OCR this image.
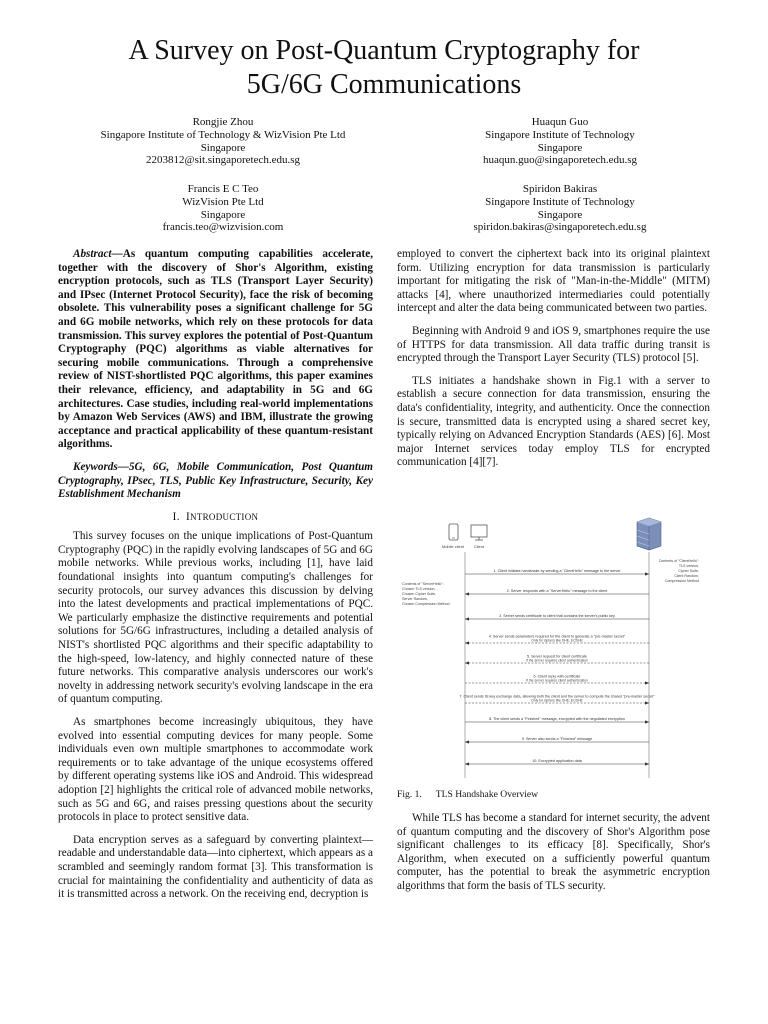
A Survey on Post-Quantum Cryptography for
5G/6G Communications
Rongjie Zhou
Singapore Institute of Technology & WizVision Pte Ltd
Singapore
2203812@sit.singaporetech.edu.sg
Huaqun Guo
Singapore Institute of Technology
Singapore
huaqun.guo@singaporetech.edu.sg
Francis E C Teo
WizVision Pte Ltd
Singapore
francis.teo@wizvision.com
Spiridon Bakiras
Singapore Institute of Technology
Singapore
spiridon.bakiras@singaporetech.edu.sg

Abstract—As quantum computing capabilities accelerate, together with the discovery of Shor's Algorithm, existing encryption protocols, such as TLS (Transport Layer Security) and IPsec (Internet Protocol Security), face the risk of becoming obsolete. This vulnerability poses a significant challenge for 5G and 6G mobile networks, which rely on these protocols for data transmission. This survey explores the potential of Post-Quantum Cryptography (PQC) algorithms as viable alternatives for securing mobile communications. Through a comprehensive review of NIST-shortlisted PQC algorithms, this paper examines their relevance, efficiency, and adaptability in 5G and 6G architectures. Case studies, including real-world implementations by Amazon Web Services (AWS) and IBM, illustrate the growing acceptance and practical applicability of these quantum-resistant algorithms.

Keywords—5G, 6G, Mobile Communication, Post Quantum Cryptography, IPsec, TLS, Public Key Infrastructure, Security, Key Establishment Mechanism

I. INTRODUCTION

This survey focuses on the unique implications of Post-Quantum Cryptography (PQC) in the rapidly evolving landscapes of 5G and 6G mobile networks. While previous works, including [1], have laid foundational insights into quantum computing's challenges for security protocols, our survey advances this discussion by delving into the latest developments and practical implementations of PQC. We particularly emphasize the distinctive requirements and potential solutions for 5G/6G infrastructures, including a detailed analysis of NIST's shortlisted PQC algorithms and their specific adaptability to the high-speed, low-latency, and highly connected nature of these future networks. This comparative analysis underscores our work's novelty in addressing network security's evolving landscape in the era of quantum computing.

As smartphones become increasingly ubiquitous, they have evolved into essential computing devices for many people. Some individuals even own multiple smartphones to accommodate work requirements or to take advantage of the unique ecosystems offered by different operating systems like iOS and Android. This widespread adoption [2] highlights the critical role of advanced mobile networks, such as 5G and 6G, and raises pressing questions about the security protocols in place to protect sensitive data.

Data encryption serves as a safeguard by converting plaintext—readable and understandable data—into ciphertext, which appears as a scrambled and seemingly random format [3]. This transformation is crucial for maintaining the confidentiality and authenticity of data as it is transmitted across a network. On the receiving end, decryption is

employed to convert the ciphertext back into its original plaintext form. Utilizing encryption for data transmission is particularly important for mitigating the risk of "Man-in-the-Middle" (MITM) attacks [4], where unauthorized intermediaries could potentially intercept and alter the data being communicated between two parties.

Beginning with Android 9 and iOS 9, smartphones require the use of HTTPS for data transmission. All data traffic during transit is encrypted through the Transport Layer Security (TLS) protocol [5].

TLS initiates a handshake shown in Fig.1 with a server to establish a secure connection for data transmission, ensuring the data's confidentiality, integrity, and authenticity. Once the connection is secure, transmitted data is encrypted using a shared secret key, typically relying on Advanced Encryption Standards (AES) [6]. Most major Internet services today employ TLS for encrypted communication [4][7].

Mobile client Client
Contents of "ClientHello":
TLS version,
Cipher Suite,
Client Random,
Compression Method
Contents of "ServerHello":
Chosen TLS version,
Chosen Cipher Suite,
Server Random,
Chosen Compression Method
1. Client initiates handshake by sending a "ClientHello" message to the server
2. Server responds with a "ServerHello" message to the client
3. Server sends certificate to client that contains the server's public key
4. Server sends parameters required for the client to generate a "pre-master secret"
Only for ciphers like DHE, ECDHE
5. Server request for client certificate
If the server requires client authentication
6. Client reply with certificate
If the server requires client authentication
7. Client sends its key exchange data, allowing both the client and the server to compute the shared "pre-master secret"
Only for ciphers like DHE, ECDHE
8. The client sends a "Finished" message, encrypted with the negotiated encryption
9. Server also sends a "Finished" message
10. Encrypted application data
Fig. 1. TLS Handshake Overview

While TLS has become a standard for internet security, the advent of quantum computing and the discovery of Shor's Algorithm pose significant challenges to its efficacy [8]. Specifically, Shor's Algorithm, when executed on a sufficiently powerful quantum computer, has the potential to break the asymmetric encryption algorithms that form the basis of TLS security.
